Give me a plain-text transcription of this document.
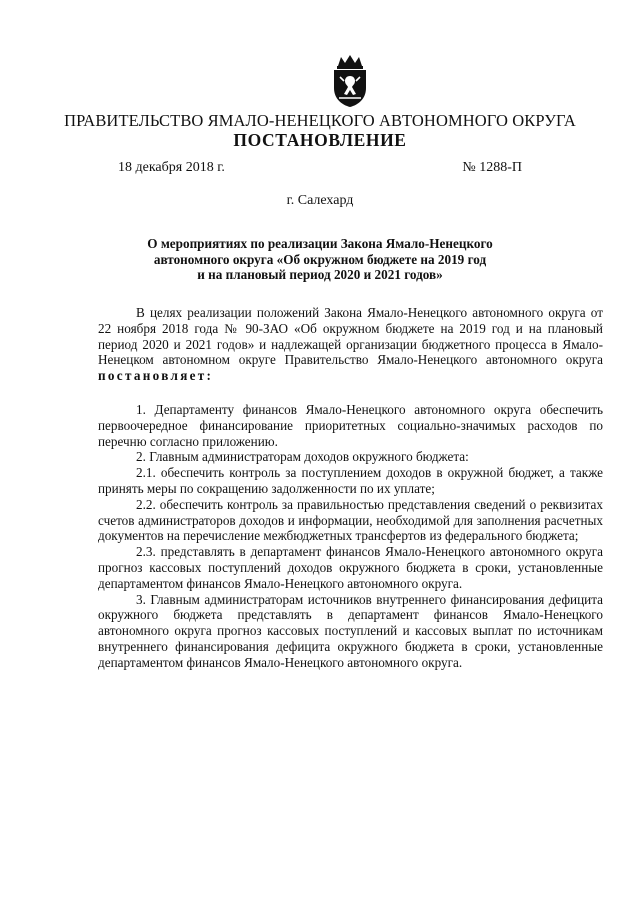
ПРАВИТЕЛЬСТВО ЯМАЛО-НЕНЕЦКОГО АВТОНОМНОГО ОКРУГА
ПОСТАНОВЛЕНИЕ
18 декабря 2018 г.	№ 1288-П
г. Салехард
О мероприятиях по реализации Закона Ямало-Ненецкого
автономного округа «Об окружном бюджете на 2019 год
и на плановый период 2020 и 2021 годов»

В целях реализации положений Закона Ямало-Ненецкого автономного округа от 22 ноября 2018 года № 90-ЗАО «Об окружном бюджете на 2019 год и на плановый период 2020 и 2021 годов» и надлежащей организации бюджетного процесса в Ямало-Ненецком автономном округе Правительство Ямало-Ненецкого автономного округа постановляет:

1. Департаменту финансов Ямало-Ненецкого автономного округа обеспечить первоочередное финансирование приоритетных социально-значимых расходов по перечню согласно приложению.

2. Главным администраторам доходов окружного бюджета:

2.1. обеспечить контроль за поступлением доходов в окружной бюджет, а также принять меры по сокращению задолженности по их уплате;

2.2. обеспечить контроль за правильностью представления сведений о реквизитах счетов администраторов доходов и информации, необходимой для заполнения расчетных документов на перечисление межбюджетных трансфертов из федерального бюджета;

2.3. представлять в департамент финансов Ямало-Ненецкого автономного округа прогноз кассовых поступлений доходов окружного бюджета в сроки, установленные департаментом финансов Ямало-Ненецкого автономного округа.

3. Главным администраторам источников внутреннего финансирования дефицита окружного бюджета представлять в департамент финансов Ямало-Ненецкого автономного округа прогноз кассовых поступлений и кассовых выплат по источникам внутреннего финансирования дефицита окружного бюджета в сроки, установленные департаментом финансов Ямало-Ненецкого автономного округа.
